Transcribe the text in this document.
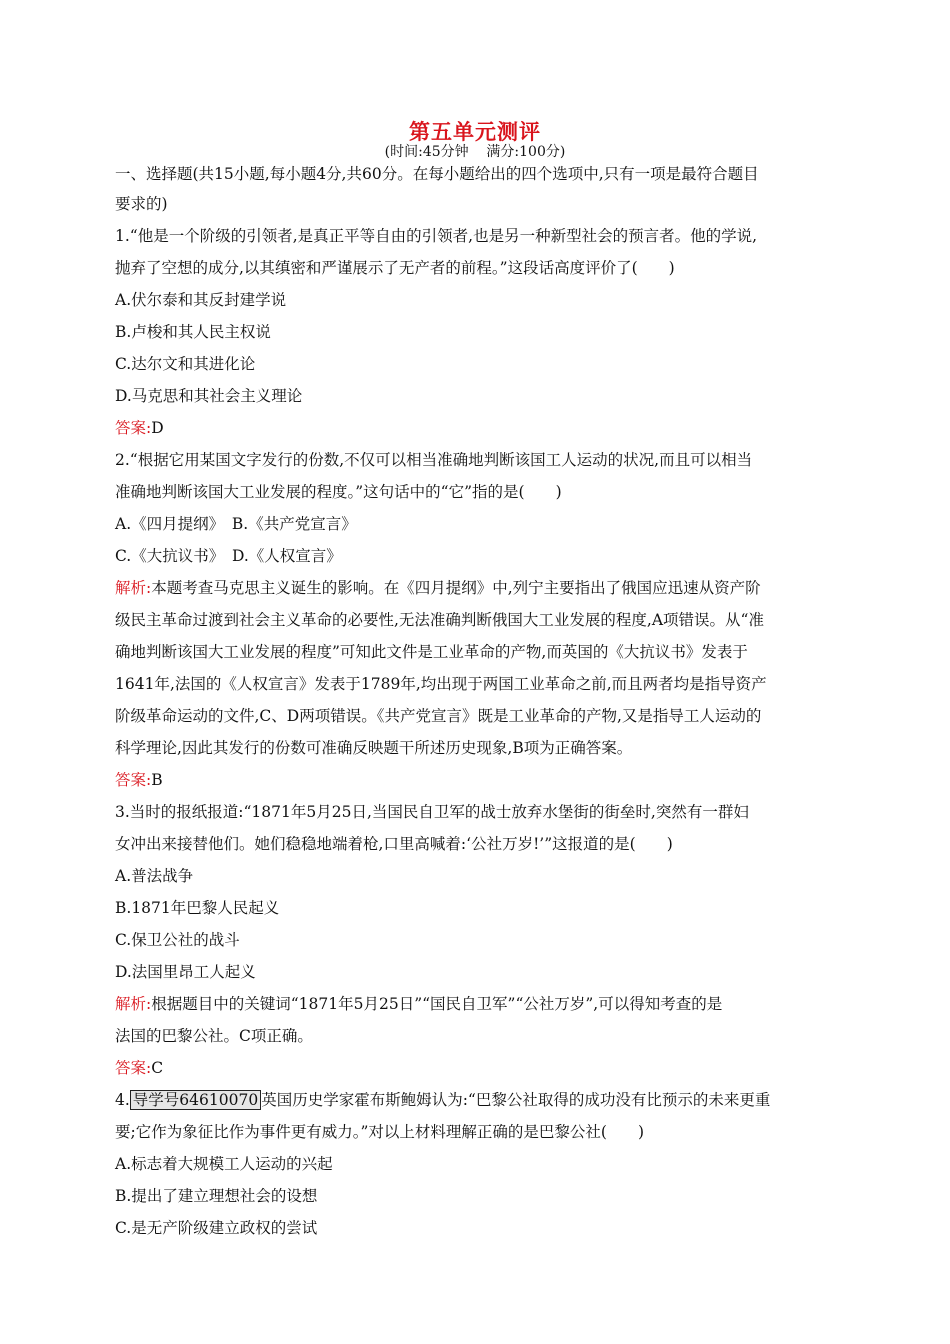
第五单元测评
(时间:45分钟    满分:100分)
一、选择题(共15小题,每小题4分,共60分。在每小题给出的四个选项中,只有一项是最符合题目
要求的)
1.“他是一个阶级的引领者,是真正平等自由的引领者,也是另一种新型社会的预言者。他的学说,
抛弃了空想的成分,以其缜密和严谨展示了无产者的前程。”这段话高度评价了(　　)
A.伏尔泰和其反封建学说
B.卢梭和其人民主权说
C.达尔文和其进化论
D.马克思和其社会主义理论
答案:D
2.“根据它用某国文字发行的份数,不仅可以相当准确地判断该国工人运动的状况,而且可以相当
准确地判断该国大工业发展的程度。”这句话中的“它”指的是(　　)
A.《四月提纲》　B.《共产党宣言》
C.《大抗议书》　D.《人权宣言》
解析:本题考查马克思主义诞生的影响。在《四月提纲》中,列宁主要指出了俄国应迅速从资产阶
级民主革命过渡到社会主义革命的必要性,无法准确判断俄国大工业发展的程度,A项错误。从“准
确地判断该国大工业发展的程度”可知此文件是工业革命的产物,而英国的《大抗议书》发表于
1641年,法国的《人权宣言》发表于1789年,均出现于两国工业革命之前,而且两者均是指导资产
阶级革命运动的文件,C、D两项错误。《共产党宣言》既是工业革命的产物,又是指导工人运动的
科学理论,因此其发行的份数可准确反映题干所述历史现象,B项为正确答案。
答案:B
3.当时的报纸报道:“1871年5月25日,当国民自卫军的战士放弃水堡街的街垒时,突然有一群妇
女冲出来接替他们。她们稳稳地端着枪,口里高喊着:‘公社万岁!’”这报道的是(　　)
A.普法战争
B.1871年巴黎人民起义
C.保卫公社的战斗
D.法国里昂工人起义
解析:根据题目中的关键词“1871年5月25日”“国民自卫军”“公社万岁”,可以得知考查的是
法国的巴黎公社。C项正确。
答案:C
4. 导学号64610070 英国历史学家霍布斯鲍姆认为:“巴黎公社取得的成功没有比预示的未来更重
要;它作为象征比作为事件更有威力。”对以上材料理解正确的是巴黎公社(　　)
A.标志着大规模工人运动的兴起
B.提出了建立理想社会的设想
C.是无产阶级建立政权的尝试
